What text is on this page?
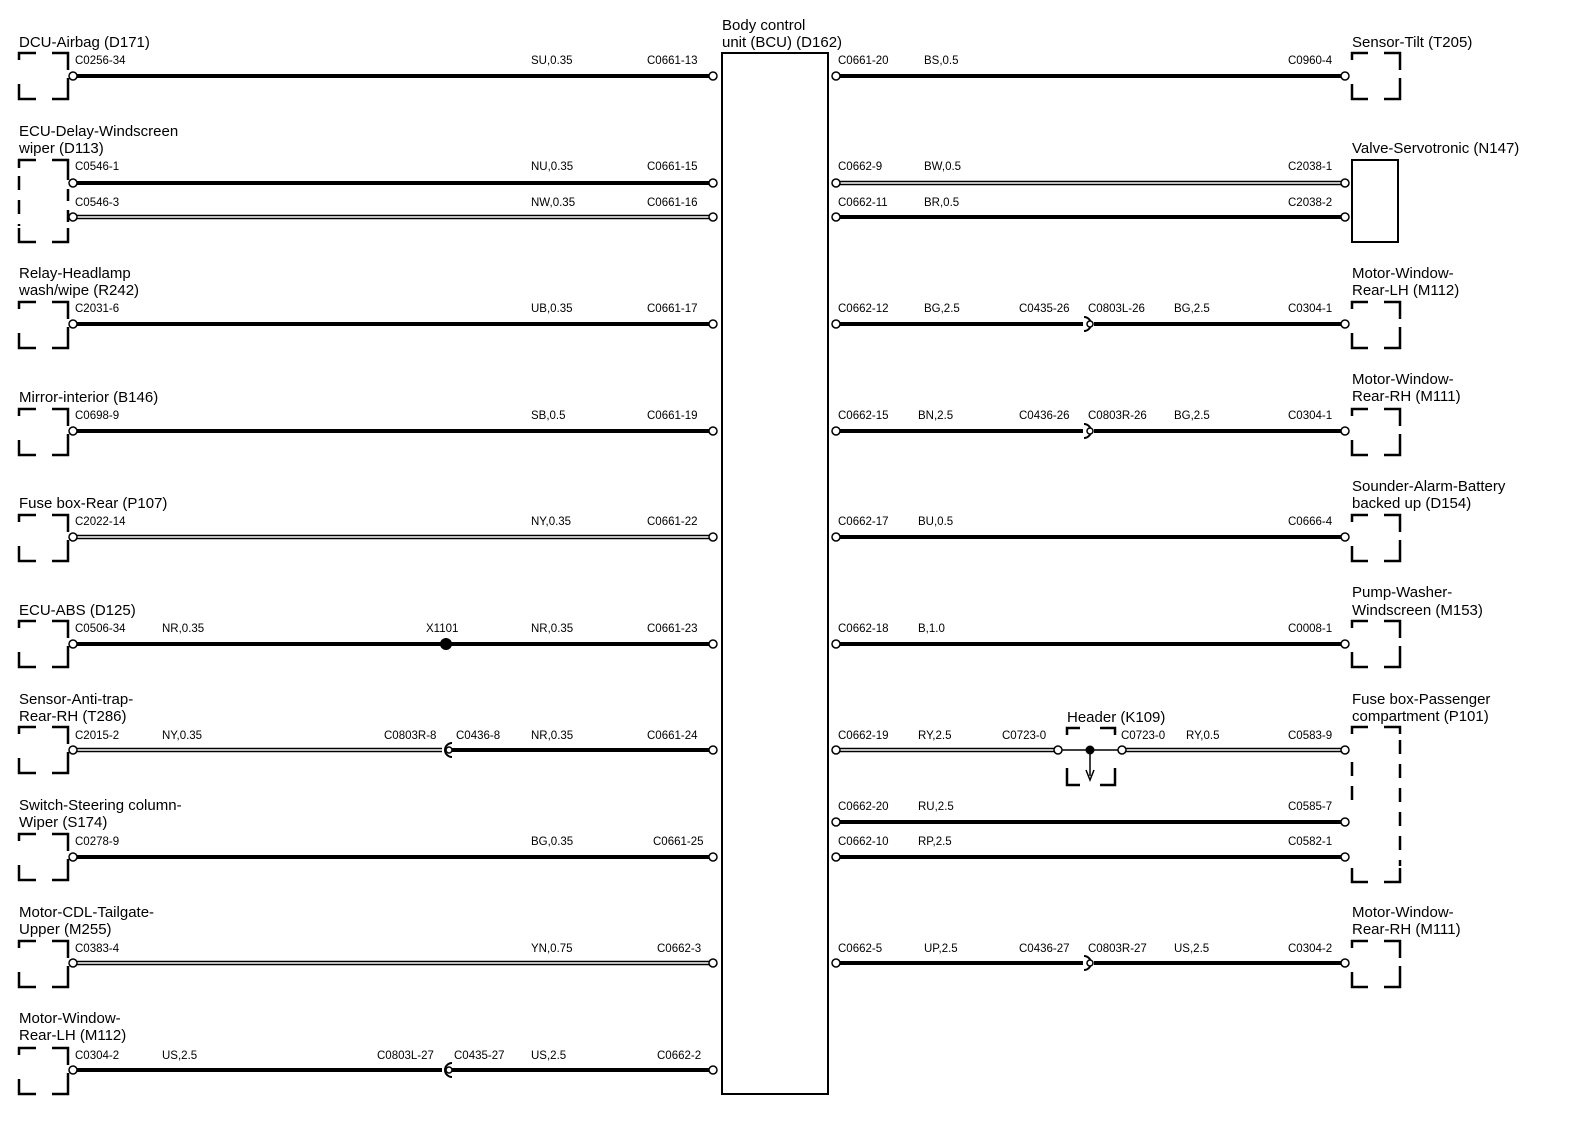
Body control
unit (BCU) (D162)
DCU-Airbag (D171)
C0256-34	SU,0.35	C0661-13
ECU-Delay-Windscreen
wiper (D113)
C0546-1	NU,0.35	C0661-15
C0546-3	NW,0.35	C0661-16
Relay-Headlamp
wash/wipe (R242)
C2031-6	UB,0.35	C0661-17
Mirror-interior (B146)
C0698-9	SB,0.5	C0661-19
Fuse box-Rear (P107)
C2022-14	NY,0.35	C0661-22
ECU-ABS (D125)
C0506-34	NR,0.35	X1101	NR,0.35	C0661-23
Sensor-Anti-trap-
Rear-RH (T286)
C2015-2	NY,0.35	C0803R-8 C0436-8	NR,0.35	C0661-24
Switch-Steering column-
Wiper (S174)
C0278-9	BG,0.35	C0661-25
Motor-CDL-Tailgate-
Upper (M255)
C0383-4	YN,0.75	C0662-3
Motor-Window-
Rear-LH (M112)
C0304-2	US,2.5	C0803L-27 C0435-27 US,2.5	C0662-2
Sensor-Tilt (T205)
C0661-20	BS,0.5	C0960-4
Valve-Servotronic (N147)
C0662-9	BW,0.5	C2038-1
C0662-11	BR,0.5	C2038-2
Motor-Window-
Rear-LH (M112)
C0662-12	BG,2.5	C0435-26 C0803L-26	BG,2.5	C0304-1
Motor-Window-
Rear-RH (M111)
C0662-15	BN,2.5	C0436-26 C0803R-26 BG,2.5	C0304-1
Sounder-Alarm-Battery
backed up (D154)
C0662-17	BU,0.5	C0666-4
Pump-Washer-
Windscreen (M153)
C0662-18	B,1.0	C0008-1
Fuse box-Passenger
compartment (P101)
Header (K109)
C0662-19	RY,2.5	C0723-0	C0723-0 RY,0.5	C0583-9
C0662-20	RU,2.5	C0585-7
C0662-10	RP,2.5	C0582-1
Motor-Window-
Rear-RH (M111)
C0662-5	UP,2.5	C0436-27 C0803R-27 US,2.5	C0304-2
